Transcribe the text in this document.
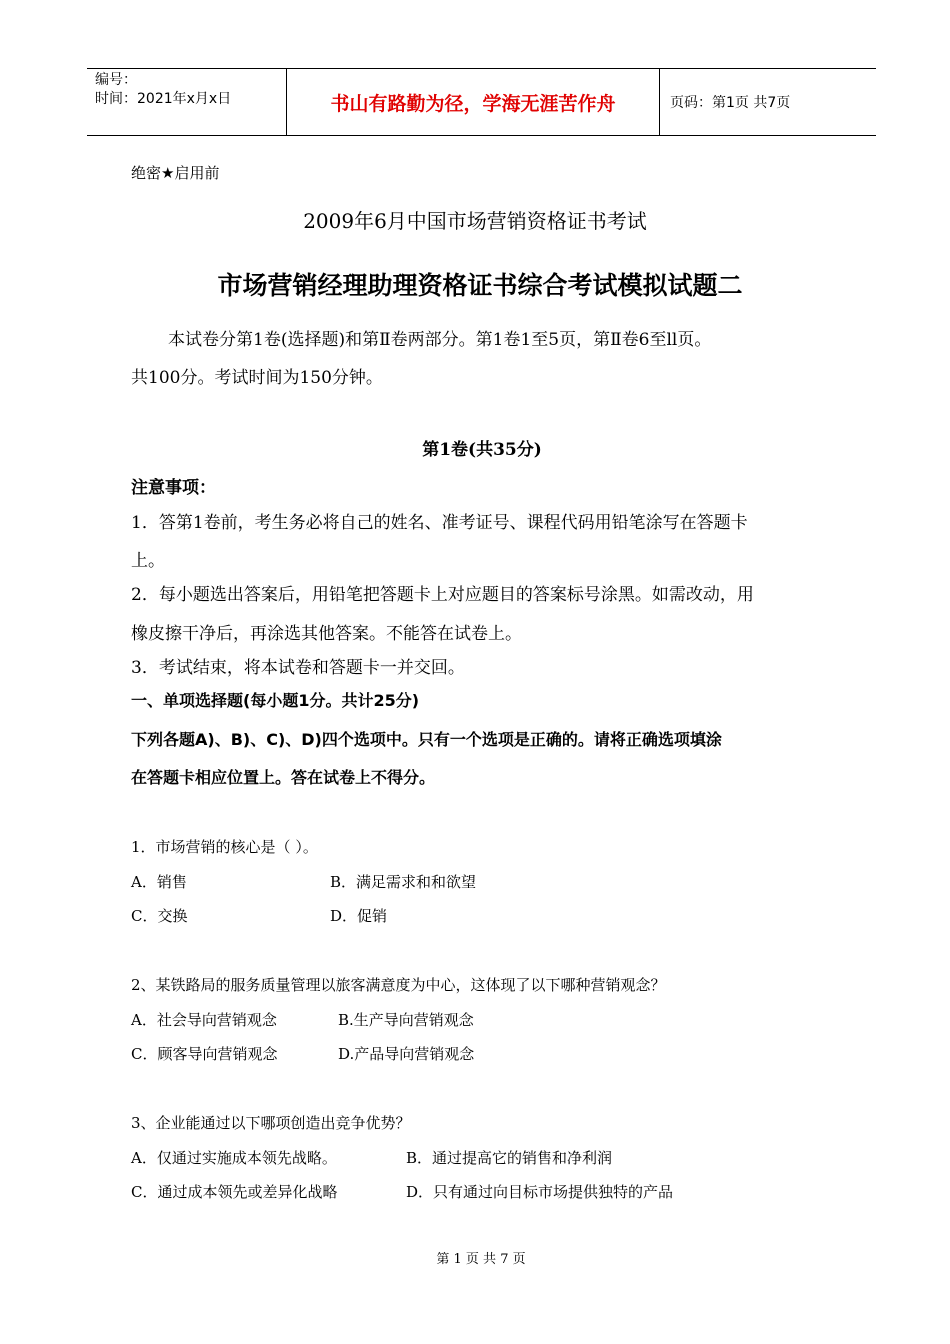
编号：
时间：2021年x月x日	书山有路勤为径，学海无涯苦作舟	页码：第1页 共7页
绝密★启用前
2009年6月中国市场营销资格证书考试
市场营销经理助理资格证书综合考试模拟试题二
本试卷分第1卷(选择题)和第Ⅱ卷两部分。第1卷1至5页，第Ⅱ卷6至ll页。
共100分。考试时间为150分钟。
第1卷(共35分)
注意事项：
1．答第1卷前，考生务必将自己的姓名、准考证号、课程代码用铅笔涂写在答题卡
上。
2．每小题选出答案后，用铅笔把答题卡上对应题目的答案标号涂黑。如需改动，用
橡皮擦干净后，再涂选其他答案。不能答在试卷上。
3．考试结束，将本试卷和答题卡一并交回。
一、单项选择题(每小题1分。共计25分)
下列各题A)、B)、C)、D)四个选项中。只有一个选项是正确的。请将正确选项填涂
在答题卡相应位置上。答在试卷上不得分。
1．市场营销的核心是（ ）。
A．销售	B．满足需求和和欲望
C．交换	D．促销
2、某铁路局的服务质量管理以旅客满意度为中心，这体现了以下哪种营销观念？
A．社会导向营销观念	B.生产导向营销观念
C．顾客导向营销观念	D.产品导向营销观念
3、企业能通过以下哪项创造出竞争优势？
A．仅通过实施成本领先战略。	B．通过提高它的销售和净利润
C．通过成本领先或差异化战略	D．只有通过向目标市场提供独特的产品
第 1 页 共 7 页
